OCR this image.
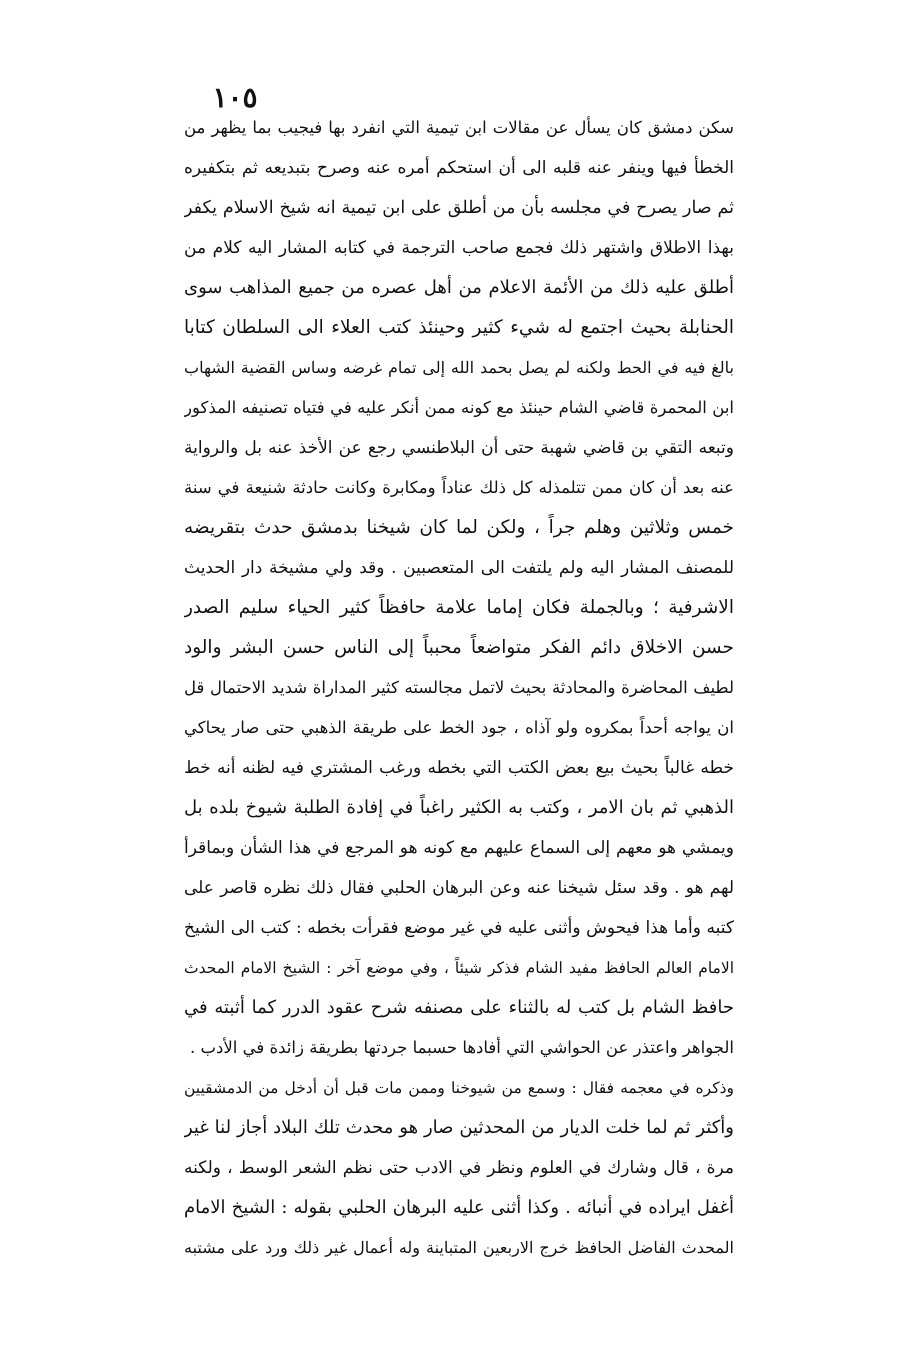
١٠٥
سكن دمشق كان يسأل عن مقالات ابن تيمية التي انفرد بها فيجيب بما يظهر من
الخطأ فيها وينفر عنه قلبه الى أن استحكم أمره عنه وصرح بتبديعه ثم بتكفيره
ثم صار يصرح في مجلسه بأن من أطلق على ابن تيمية انه شيخ الاسلام يكفر
بهذا الاطلاق واشتهر ذلك فجمع صاحب الترجمة في كتابه المشار اليه كلام من
أطلق عليه ذلك من الأئمة الاعلام من أهل عصره من جميع المذاهب سوى
الحنابلة بحيث اجتمع له شيء كثير وحينئذ كتب العلاء الى السلطان كتابا
بالغ فيه في الحط ولكنه لم يصل بحمد الله إلى تمام غرضه وساس القضية الشهاب
ابن المحمرة قاضي الشام حينئذ مع كونه ممن أنكر عليه في فتياه تصنيفه المذكور
وتبعه التقي بن قاضي شهبة حتى أن البلاطنسي رجع عن الأخذ عنه بل والرواية
عنه بعد أن كان ممن تتلمذله كل ذلك عناداً ومكابرة وكانت حادثة شنيعة في سنة
خمس وثلاثين وهلم جراً ، ولكن لما كان شيخنا بدمشق حدث بتقريضه
للمصنف المشار اليه ولم يلتفت الى المتعصبين . وقد ولي مشيخة دار الحديث
الاشرفية ؛ وبالجملة فكان إماما علامة حافظاً كثير الحياء سليم الصدر
حسن الاخلاق دائم الفكر متواضعاً محبباً إلى الناس حسن البشر والود
لطيف المحاضرة والمحادثة بحيث لاتمل مجالسته كثير المداراة شديد الاحتمال قل
ان يواجه أحداً بمكروه ولو آذاه ، جود الخط على طريقة الذهبي حتى صار يحاكي
خطه غالباً بحيث بيع بعض الكتب التي بخطه ورغب المشتري فيه لظنه أنه خط
الذهبي ثم بان الامر ، وكتب به الكثير راغباً في إفادة الطلبة شيوخ بلده بل
ويمشي هو معهم إلى السماع عليهم مع كونه هو المرجع في هذا الشأن وبماقرأ
لهم هو . وقد سئل شيخنا عنه وعن البرهان الحلبي فقال ذلك نظره قاصر على
كتبه وأما هذا فيحوش وأثنى عليه في غير موضع فقرأت بخطه : كتب الى الشيخ
الامام العالم الحافظ مفيد الشام فذكر شيئاً ، وفي موضع آخر : الشيخ الامام المحدث
حافظ الشام بل كتب له بالثناء على مصنفه شرح عقود الدرر كما أثبته في
الجواهر واعتذر عن الحواشي التي أفادها حسبما جردتها بطريقة زائدة في الأدب .
وذكره في معجمه فقال : وسمع من شيوخنا وممن مات قبل أن أدخل من الدمشقيين
وأكثر ثم لما خلت الديار من المحدثين صار هو محدث تلك البلاد أجاز لنا غير
مرة ، قال وشارك في العلوم ونظر في الادب حتى نظم الشعر الوسط ، ولكنه
أغفل ايراده في أنبائه . وكذا أثنى عليه البرهان الحلبي بقوله : الشيخ الامام
المحدث الفاضل الحافظ خرج الاربعين المتباينة وله أعمال غير ذلك ورد على مشتبه
